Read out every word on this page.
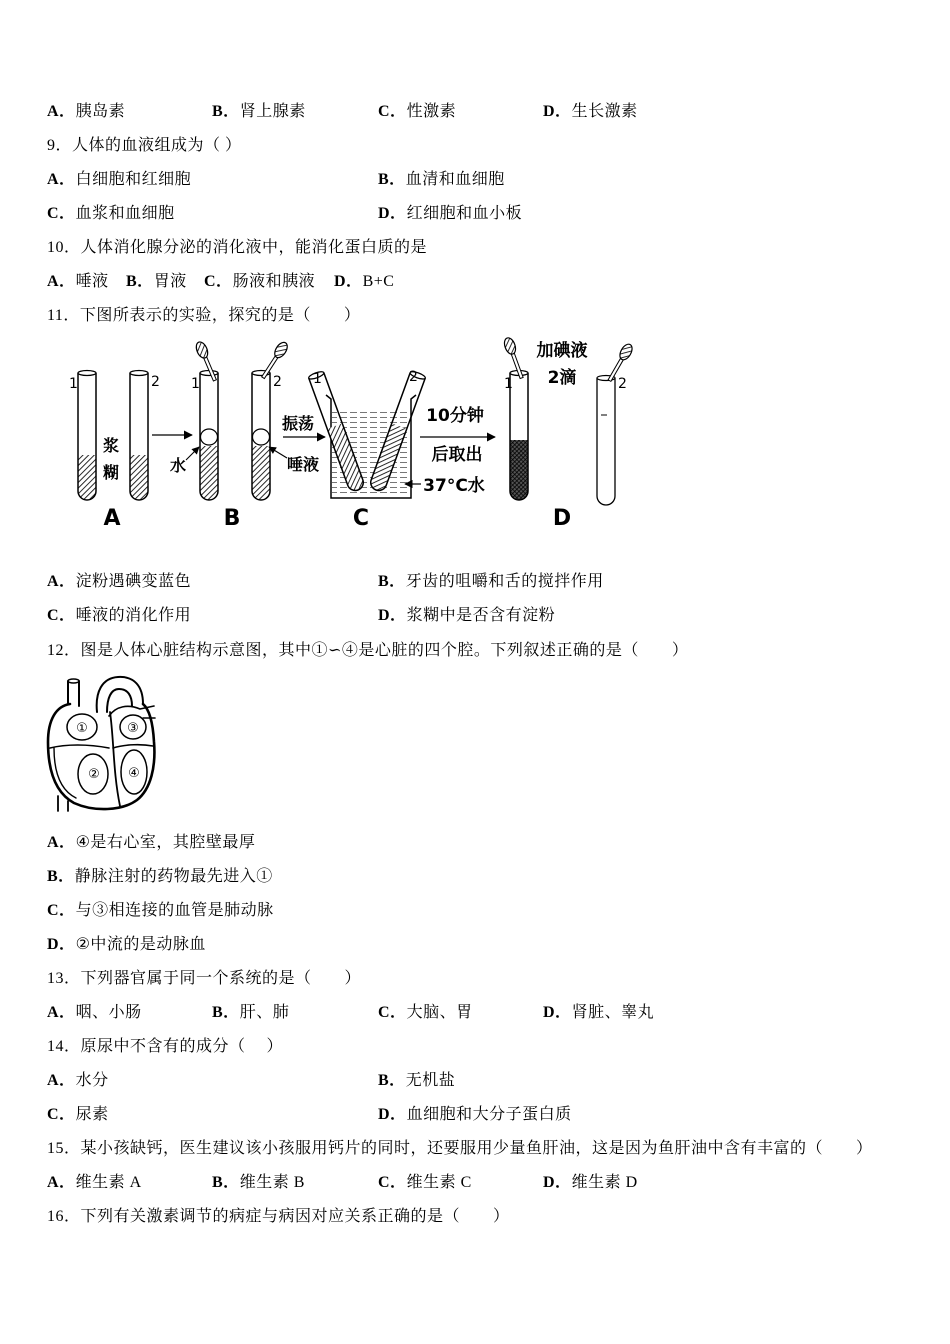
A．胰岛素	B．肾上腺素	C．性激素	D．生长激素
9．人体的血液组成为（ ）
A．白细胞和红细胞	B．血清和血细胞
C．血浆和血细胞	D．红细胞和血小板
10．人体消化腺分泌的消化液中，能消化蛋白质的是
A．唾液 B．胃液 C．肠液和胰液 D．B+C
11．下图所表示的实验，探究的是（　　）
1	2
浆
糊
A
1	2
水	唾液
B
振荡
1	2
37°C水
C
10分钟
后取出
1	2
加碘液
2滴
D
A．淀粉遇碘变蓝色	B．牙齿的咀嚼和舌的搅拌作用
C．唾液的消化作用	D．浆糊中是否含有淀粉
12．图是人体心脏结构示意图，其中①∽④是心脏的四个腔。下列叙述正确的是（　　）
①
②
③
④
A．④是右心室，其腔壁最厚
B．静脉注射的药物最先进入①
C．与③相连接的血管是肺动脉
D．②中流的是动脉血
13．下列器官属于同一个系统的是（　　）
A．咽、小肠	B．肝、肺	C．大脑、胃	D．肾脏、睾丸
14．原尿中不含有的成分（　 ）
A．水分	B．无机盐
C．尿素	D．血细胞和大分子蛋白质
15．某小孩缺钙，医生建议该小孩服用钙片的同时，还要服用少量鱼肝油，这是因为鱼肝油中含有丰富的（　　）
A．维生素 A	B．维生素 B	C．维生素 C	D．维生素 D
16．下列有关激素调节的病症与病因对应关系正确的是（　　）
